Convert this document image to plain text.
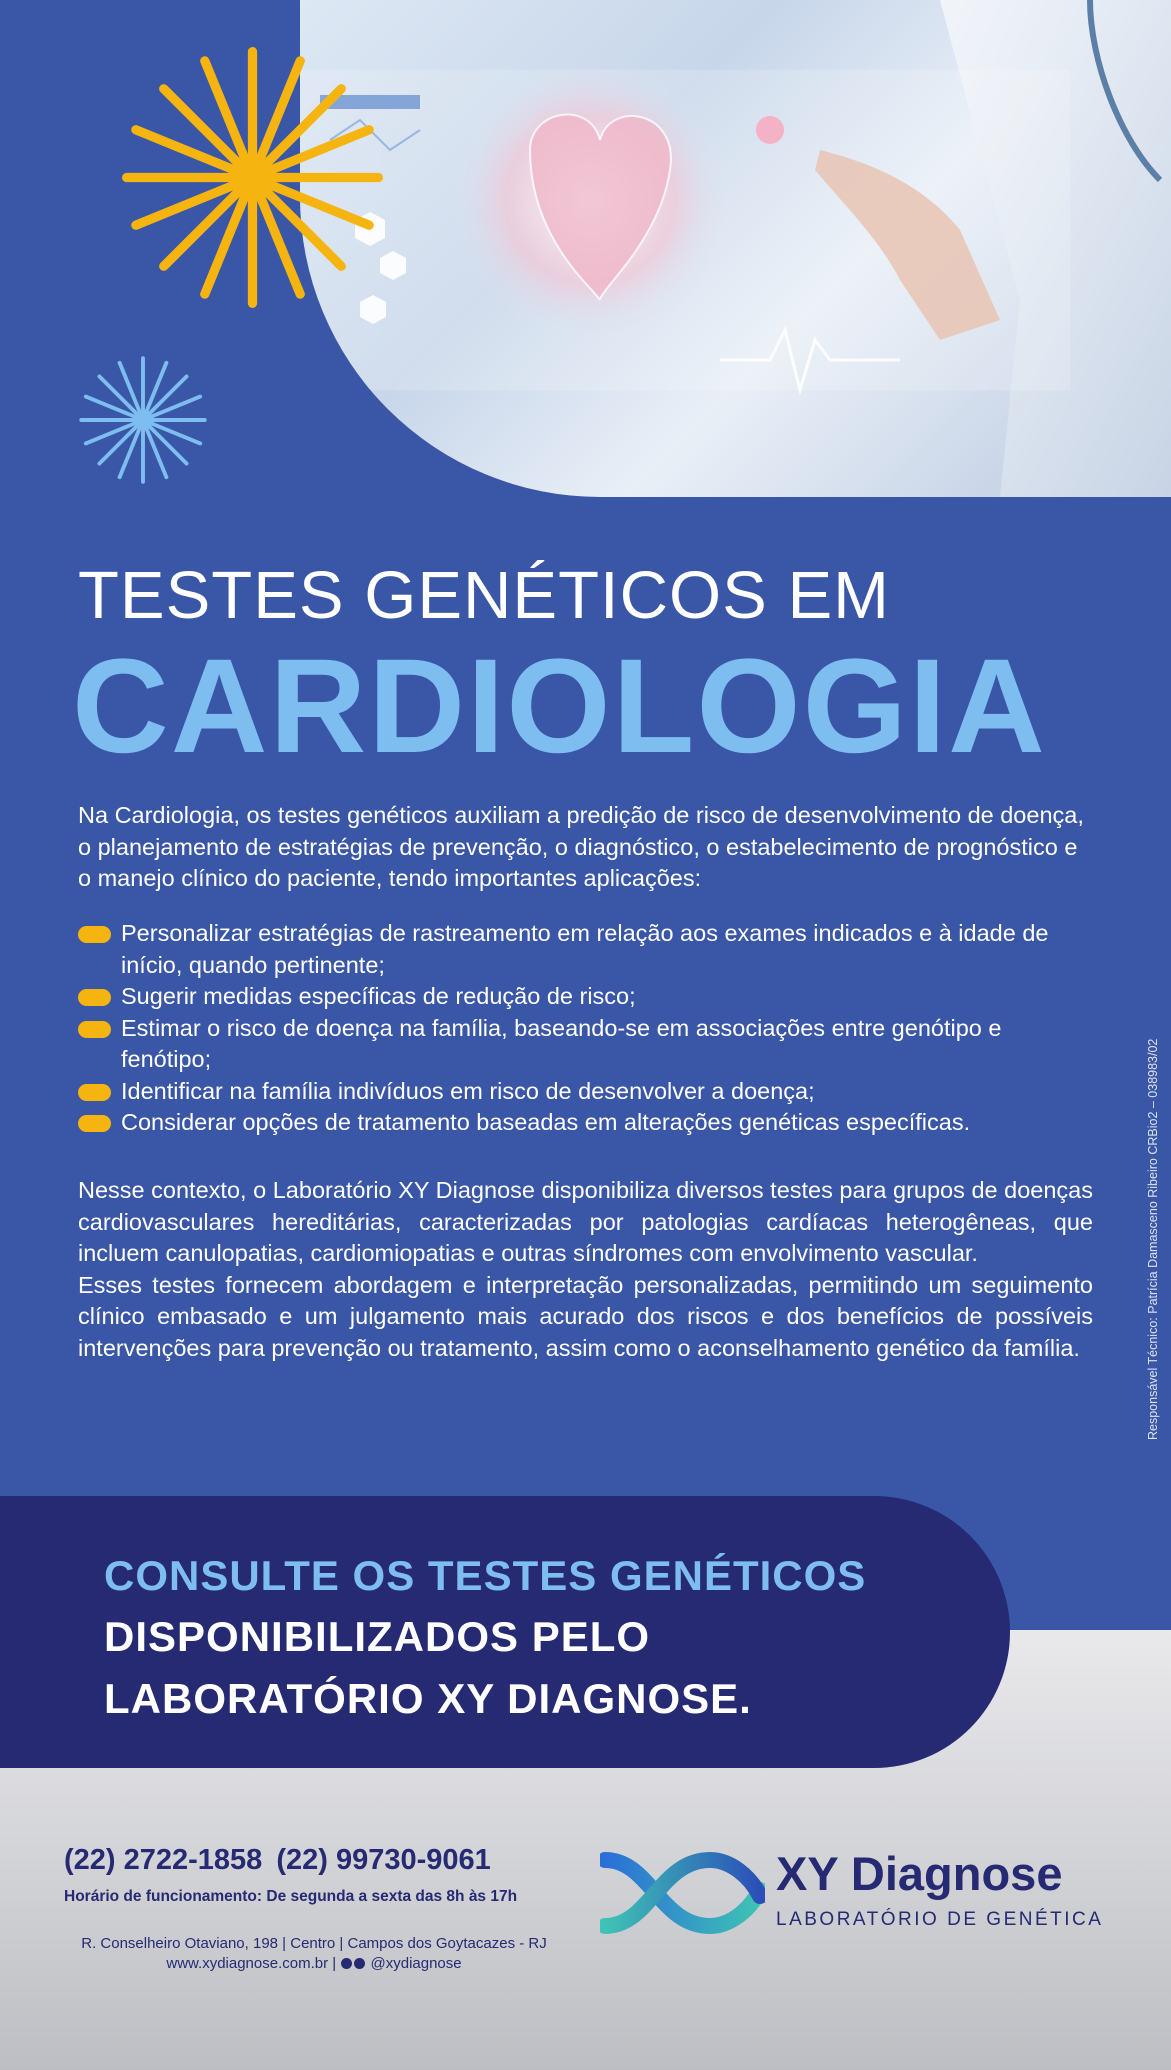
TESTES GENÉTICOS EM
CARDIOLOGIA

Na Cardiologia, os testes genéticos auxiliam a predição de risco de desenvolvimento de doença, o planejamento de estratégias de prevenção, o diagnóstico, o estabelecimento de prognóstico e o manejo clínico do paciente, tendo importantes aplicações:

Personalizar estratégias de rastreamento em relação aos exames indicados e à idade de início, quando pertinente;
Sugerir medidas específicas de redução de risco;
Estimar o risco de doença na família, baseando-se em associações entre genótipo e fenótipo;
Identificar na família indivíduos em risco de desenvolver a doença;
Considerar opções de tratamento baseadas em alterações genéticas específicas.

Nesse contexto, o Laboratório XY Diagnose disponibiliza diversos testes para grupos de doenças cardiovasculares hereditárias, caracterizadas por patologias cardíacas heterogêneas, que incluem canulopatias, cardiomiopatias e outras síndromes com envolvimento vascular.

Esses testes fornecem abordagem e interpretação personalizadas, permitindo um seguimento clínico embasado e um julgamento mais acurado dos riscos e dos benefícios de possíveis intervenções para prevenção ou tratamento, assim como o aconselhamento genético da família.	Responsável Técnico: Patrícia Damasceno Ribeiro CRBio2 – 038983/02
CONSULTE OS TESTES GENÉTICOS
DISPONIBILIZADOS PELO
LABORATÓRIO XY DIAGNOSE.
(22) 2722-1858 (22) 99730-9061
Horário de funcionamento: De segunda a sexta das 8h às 17h
R. Conselheiro Otaviano, 198 | Centro | Campos dos Goytacazes - RJ
www.xydiagnose.com.br |  @xydiagnose
XY Diagnose
LABORATÓRIO DE GENÉTICA
